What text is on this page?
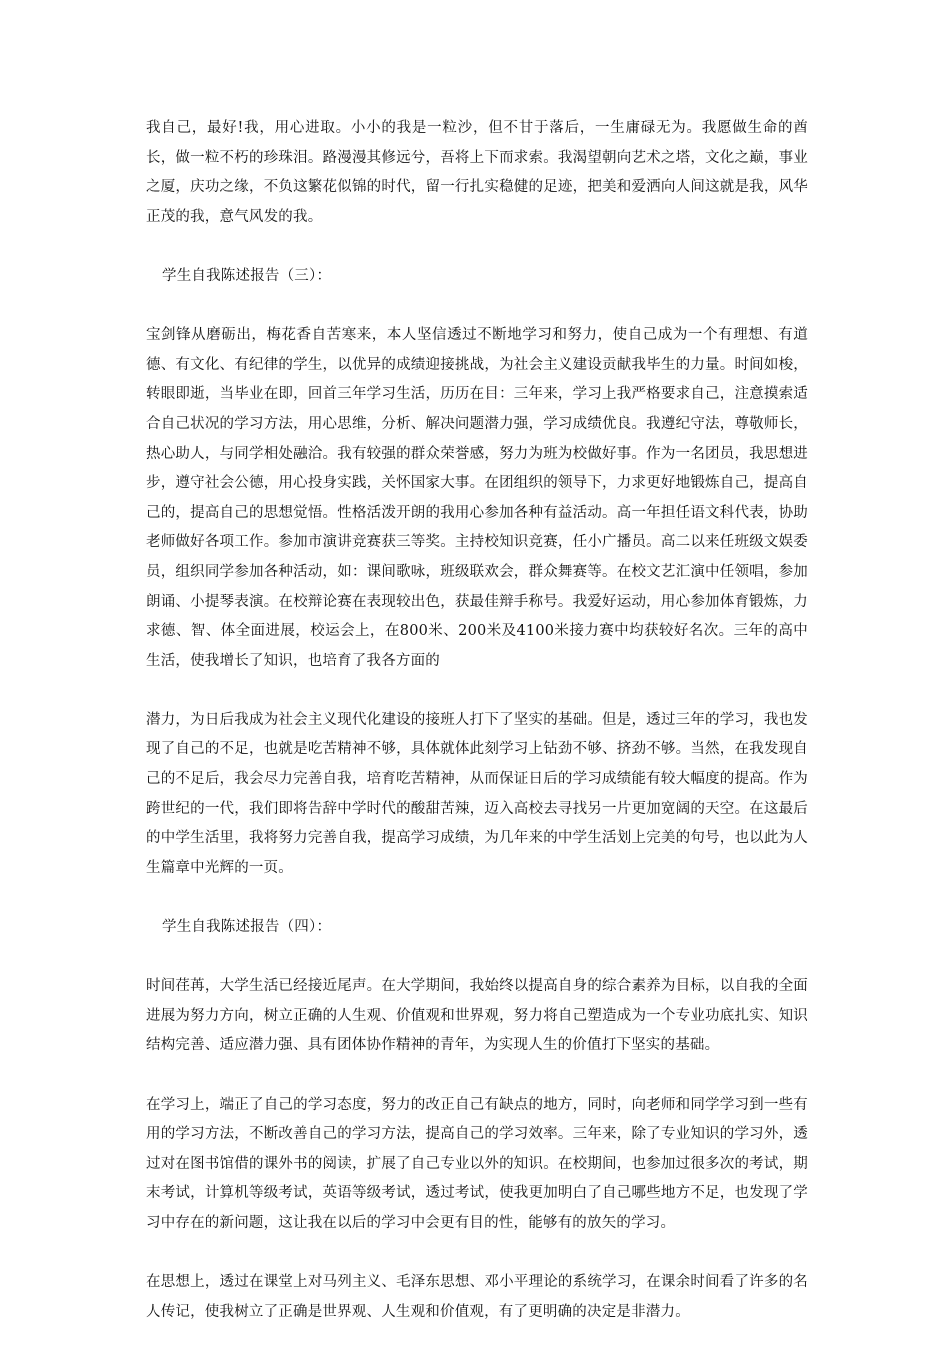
我自己，最好!我，用心进取。小小的我是一粒沙，但不甘于落后，一生庸碌无为。我愿做生命的酋长，做一粒不朽的珍珠泪。路漫漫其修远兮，吾将上下而求索。我渴望朝向艺术之塔，文化之巅，事业之厦，庆功之缘，不负这繁花似锦的时代，留一行扎实稳健的足迹，把美和爱洒向人间这就是我，风华正茂的我，意气风发的我。

学生自我陈述报告（三）：

宝剑锋从磨砺出，梅花香自苦寒来，本人坚信透过不断地学习和努力，使自己成为一个有理想、有道德、有文化、有纪律的学生，以优异的成绩迎接挑战，为社会主义建设贡献我毕生的力量。时间如梭，转眼即逝，当毕业在即，回首三年学习生活，历历在目：三年来，学习上我严格要求自己，注意摸索适合自己状况的学习方法，用心思维，分析、解决问题潜力强，学习成绩优良。我遵纪守法，尊敬师长，热心助人，与同学相处融洽。我有较强的群众荣誉感，努力为班为校做好事。作为一名团员，我思想进步，遵守社会公德，用心投身实践，关怀国家大事。在团组织的领导下，力求更好地锻炼自己，提高自己的，提高自己的思想觉悟。性格活泼开朗的我用心参加各种有益活动。高一年担任语文科代表，协助老师做好各项工作。参加市演讲竞赛获三等奖。主持校知识竞赛，任小广播员。高二以来任班级文娱委员，组织同学参加各种活动，如：课间歌咏，班级联欢会，群众舞赛等。在校文艺汇演中任领唱，参加朗诵、小提琴表演。在校辩论赛在表现较出色，获最佳辩手称号。我爱好运动，用心参加体育锻炼，力求德、智、体全面进展，校运会上，在800米、200米及4100米接力赛中均获较好名次。三年的高中生活，使我增长了知识，也培育了我各方面的

潜力，为日后我成为社会主义现代化建设的接班人打下了坚实的基础。但是，透过三年的学习，我也发现了自己的不足，也就是吃苦精神不够，具体就体此刻学习上钻劲不够、挤劲不够。当然，在我发现自己的不足后，我会尽力完善自我，培育吃苦精神，从而保证日后的学习成绩能有较大幅度的提高。作为跨世纪的一代，我们即将告辞中学时代的酸甜苦辣，迈入高校去寻找另一片更加宽阔的天空。在这最后的中学生活里，我将努力完善自我，提高学习成绩，为几年来的中学生活划上完美的句号，也以此为人生篇章中光辉的一页。

学生自我陈述报告（四）：

时间荏苒，大学生活已经接近尾声。在大学期间，我始终以提高自身的综合素养为目标，以自我的全面进展为努力方向，树立正确的人生观、价值观和世界观，努力将自己塑造成为一个专业功底扎实、知识结构完善、适应潜力强、具有团体协作精神的青年，为实现人生的价值打下坚实的基础。

在学习上，端正了自己的学习态度，努力的改正自己有缺点的地方，同时，向老师和同学学习到一些有用的学习方法，不断改善自己的学习方法，提高自己的学习效率。三年来，除了专业知识的学习外，透过对在图书馆借的课外书的阅读，扩展了自己专业以外的知识。在校期间，也参加过很多次的考试，期末考试，计算机等级考试，英语等级考试，透过考试，使我更加明白了自己哪些地方不足，也发现了学习中存在的新问题，这让我在以后的学习中会更有目的性，能够有的放矢的学习。

在思想上，透过在课堂上对马列主义、毛泽东思想、邓小平理论的系统学习，在课余时间看了许多的名人传记，使我树立了正确是世界观、人生观和价值观，有了更明确的决定是非潜力。
